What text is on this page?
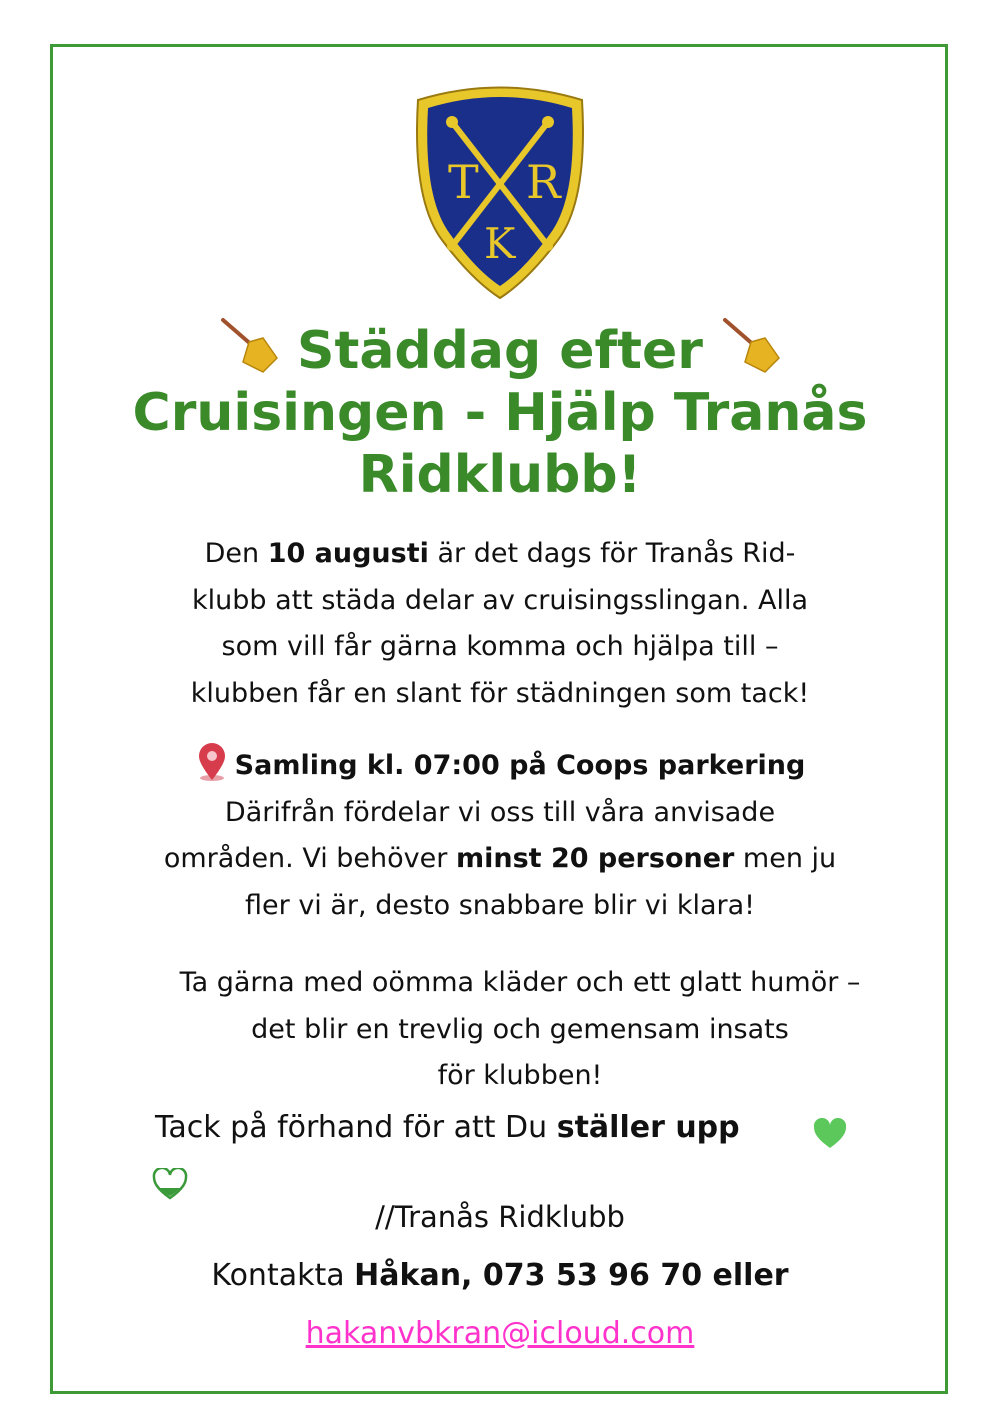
T R
K
Städdag efter
Cruisingen - Hjälp Tranås
Ridklubb!
Den 10 augusti är det dags för Tranås Rid-
klubb att städa delar av cruisingsslingan. Alla
som vill får gärna komma och hjälpa till –
klubben får en slant för städningen som tack!
Samling kl. 07:00 på Coops parkering
Därifrån fördelar vi oss till våra anvisade
områden. Vi behöver minst 20 personer men ju
fler vi är, desto snabbare blir vi klara!
Ta gärna med oömma kläder och ett glatt humör –
det blir en trevlig och gemensam insats
för klubben!
Tack på förhand för att Du ställer upp
//Tranås Ridklubb
Kontakta Håkan, 073 53 96 70 eller
hakanvbkran@icloud.com
